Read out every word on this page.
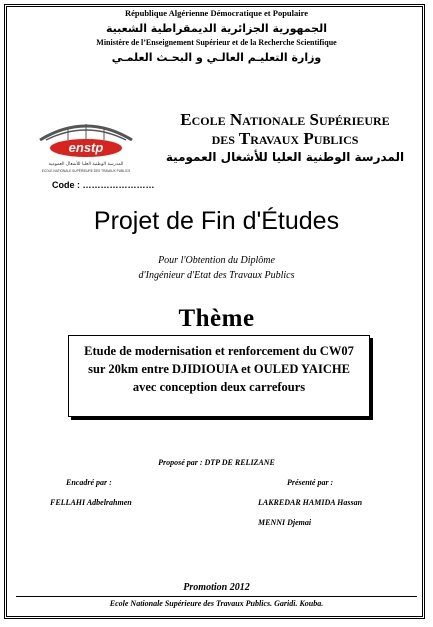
République Algérienne Démocratique et Populaire
الجمهورية الجزائرية الديمقراطية الشعبية
Ministère de l’Enseignement Supérieur et de la Recherche Scientifique
وزارة التعليـم العالـي و البحـث العلمـي
enstp
المدرسة الوطنية العليا للأشغال العمومية
ECOLE NATIONALE SUPÉRIEURE DES TRAVAUX PUBLICS
Ecole Nationale Supérieure
des Travaux Publics
المدرسة الوطنية العليا للأشغال العمومية
Code : ……………………
Projet de Fin d'Études
Pour l'Obtention du Diplôme
d'Ingénieur d'Etat des Travaux Publics
Thème
Etude de modernisation et renforcement du CW07 sur 20km entre DJIDIOUIA et OULED YAICHE avec conception deux carrefours
Proposé par : DTP DE RELIZANE
Encadré par :	Présenté par :
FELLAHI Adbelrahmen	LAKREDAR HAMIDA Hassan
MENNI Djemai
Promotion 2012
Ecole Nationale Supérieure des Travaux Publics. Garidi. Kouba.
